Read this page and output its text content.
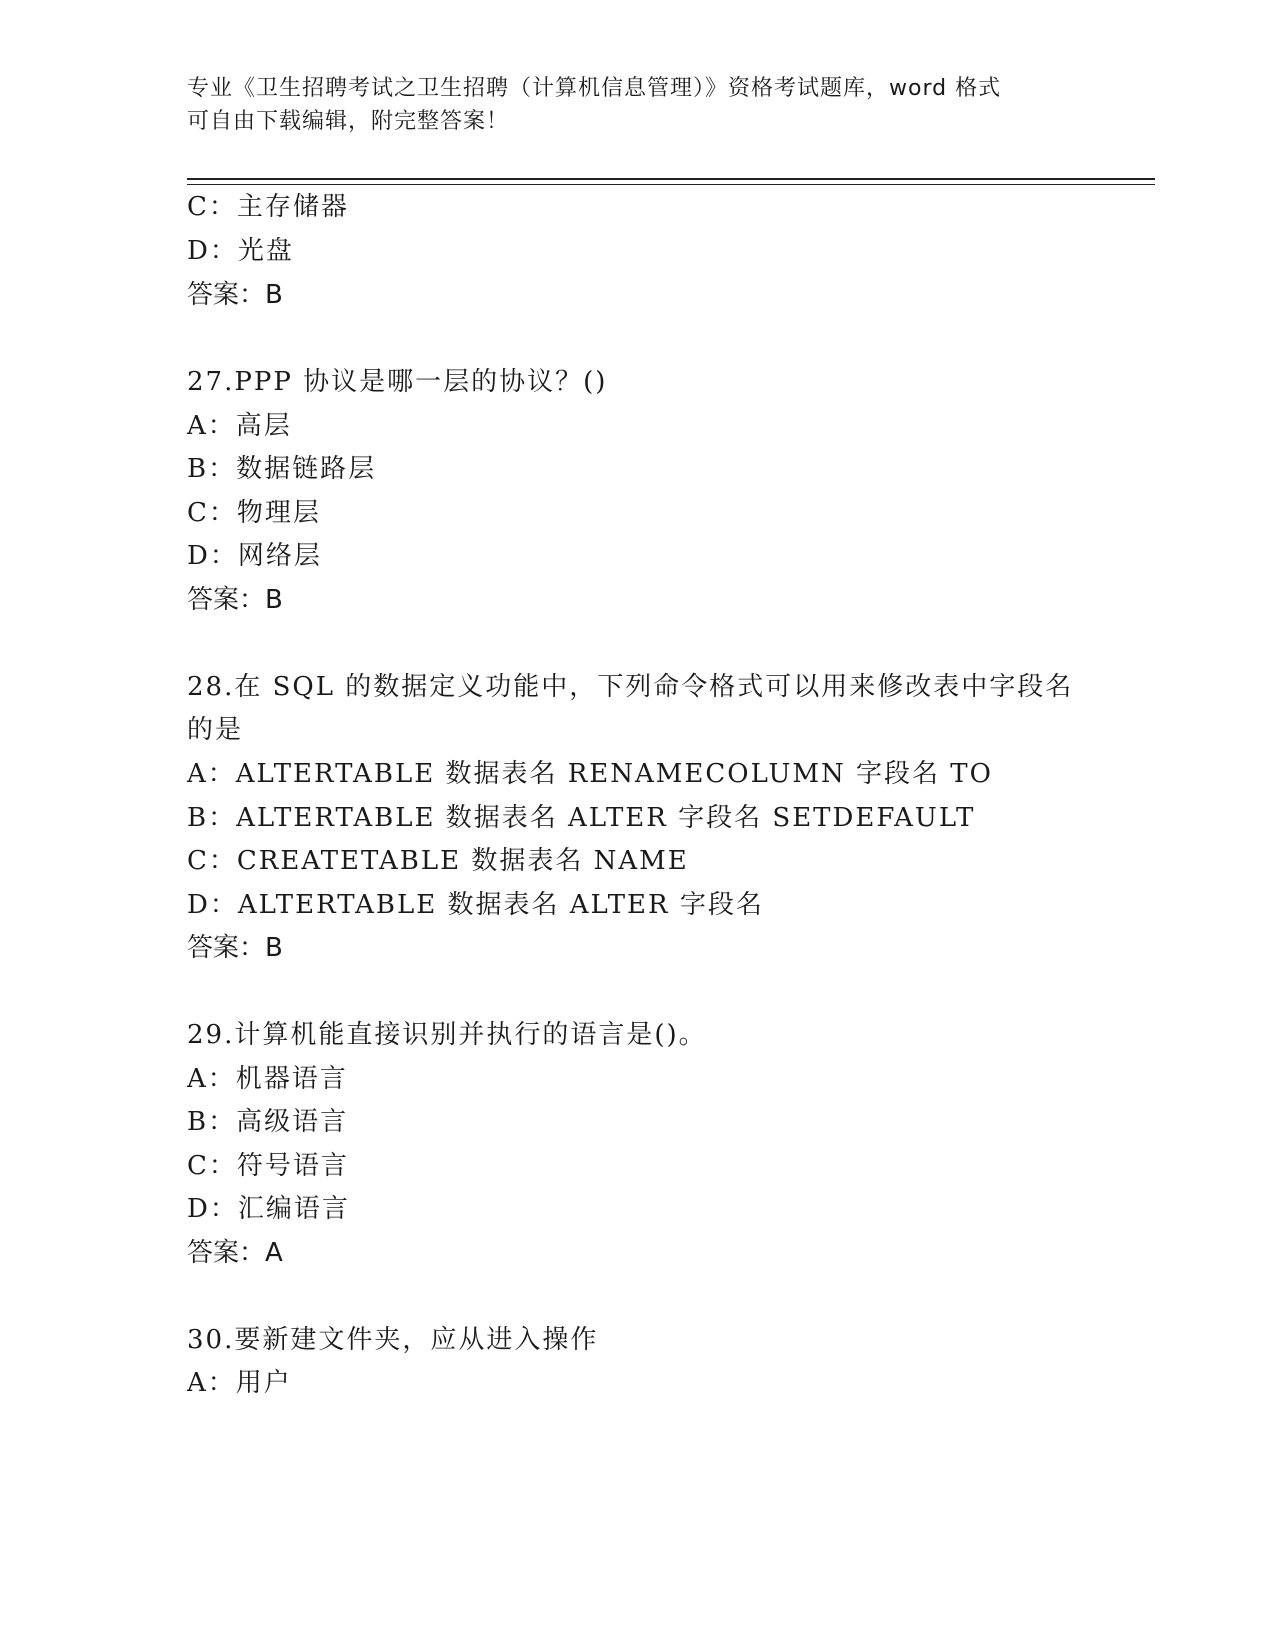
专业《卫生招聘考试之卫生招聘（计算机信息管理）》资格考试题库，word 格式
可自由下载编辑，附完整答案！
C：主存储器
D：光盘
答案：B
27.PPP 协议是哪一层的协议？()
A：高层
B：数据链路层
C：物理层
D：网络层
答案：B
28.在 SQL 的数据定义功能中，下列命令格式可以用来修改表中字段名
的是
A：ALTERTABLE 数据表名 RENAMECOLUMN 字段名 TO
B：ALTERTABLE 数据表名 ALTER 字段名 SETDEFAULT
C：CREATETABLE 数据表名 NAME
D：ALTERTABLE 数据表名 ALTER 字段名
答案：B
29.计算机能直接识别并执行的语言是()。
A：机器语言
B：高级语言
C：符号语言
D：汇编语言
答案：A
30.要新建文件夹，应从进入操作
A：用户
